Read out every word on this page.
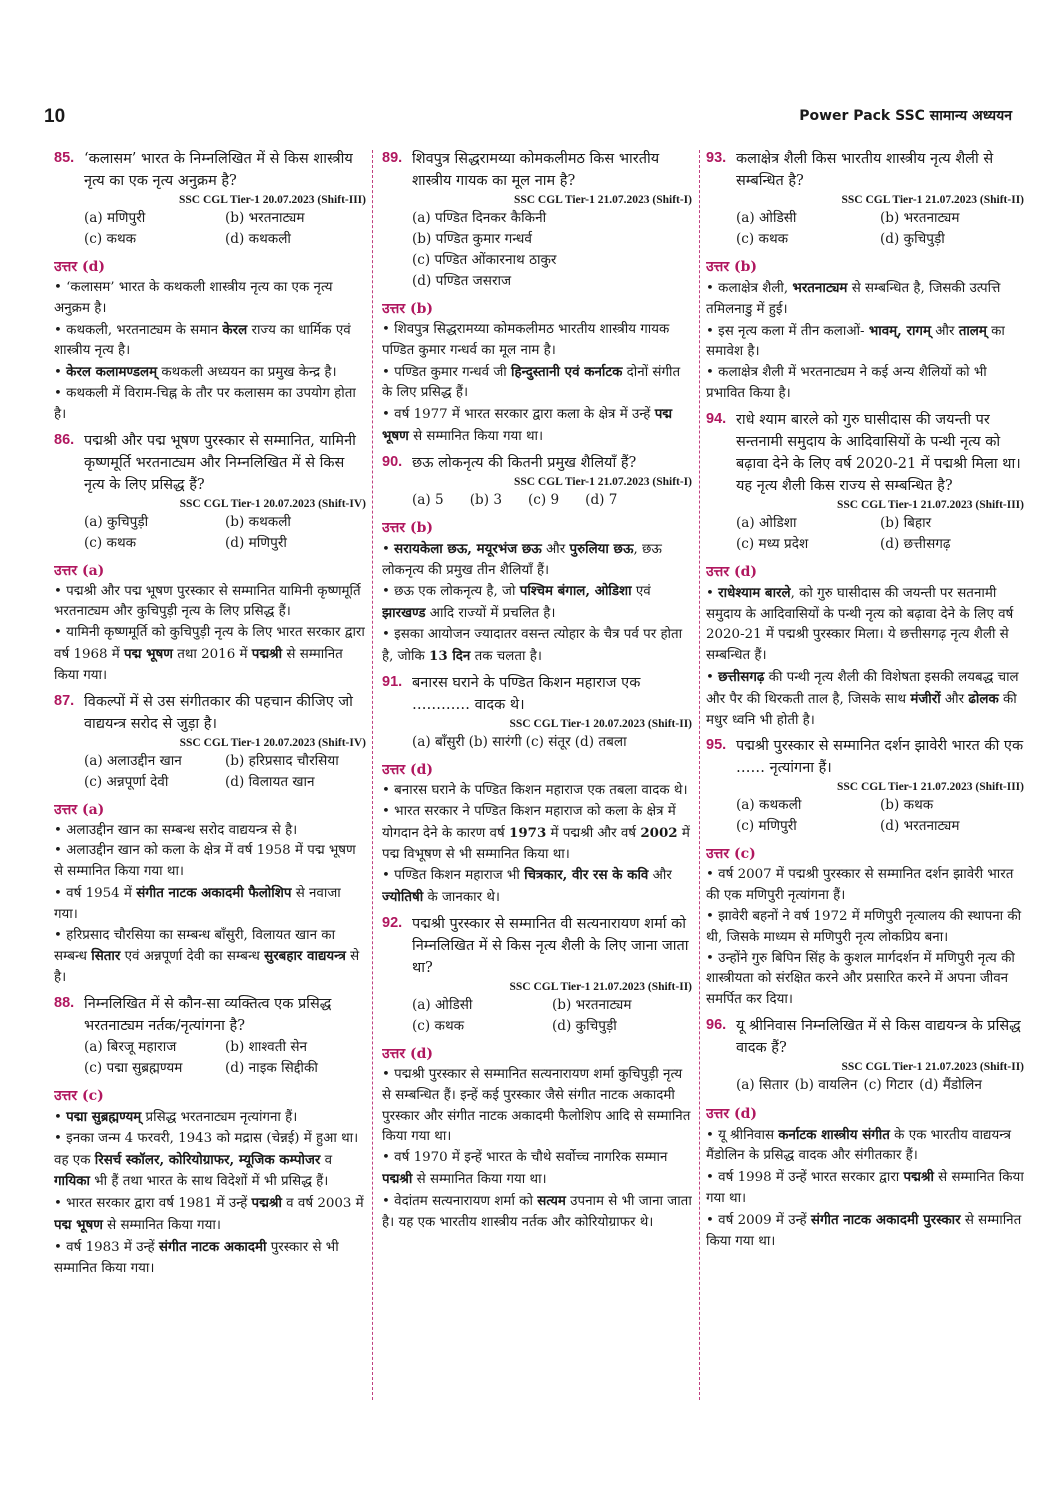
10	Power Pack SSC सामान्य अध्ययन
85. ‘कलासम’ भारत के निम्नलिखित में से किस शास्त्रीय नृत्य का एक नृत्य अनुक्रम है?
SSC CGL Tier-1 20.07.2023 (Shift-III)
(a) मणिपुरी	(b) भरतनाट्यम
(c) कथक	(d) कथकली
उत्तर (d)
• ‘कलासम’ भारत के कथकली शास्त्रीय नृत्य का एक नृत्य अनुक्रम है।
• कथकली, भरतनाट्यम के समान केरल राज्य का धार्मिक एवं शास्त्रीय नृत्य है।
• केरल कलामण्डलम् कथकली अध्ययन का प्रमुख केन्द्र है।
• कथकली में विराम-चिह्न के तौर पर कलासम का उपयोग होता है।
86. पद्मश्री और पद्म भूषण पुरस्कार से सम्मानित, यामिनी कृष्णमूर्ति भरतनाट्यम और निम्नलिखित में से किस नृत्य के लिए प्रसिद्ध हैं?
SSC CGL Tier-1 20.07.2023 (Shift-IV)
(a) कुचिपुड़ी	(b) कथकली
(c) कथक	(d) मणिपुरी
उत्तर (a)
• पद्मश्री और पद्म भूषण पुरस्कार से सम्मानित यामिनी कृष्णमूर्ति भरतनाट्यम और कुचिपुड़ी नृत्य के लिए प्रसिद्ध हैं।
• यामिनी कृष्णमूर्ति को कुचिपुड़ी नृत्य के लिए भारत सरकार द्वारा वर्ष 1968 में पद्म भूषण तथा 2016 में पद्मश्री से सम्मानित किया गया।
87. विकल्पों में से उस संगीतकार की पहचान कीजिए जो वाद्ययन्त्र सरोद से जुड़ा है।
SSC CGL Tier-1 20.07.2023 (Shift-IV)
(a) अलाउद्दीन खान	(b) हरिप्रसाद चौरसिया
(c) अन्नपूर्णा देवी	(d) विलायत खान
उत्तर (a)
• अलाउद्दीन खान का सम्बन्ध सरोद वाद्ययन्त्र से है।
• अलाउद्दीन खान को कला के क्षेत्र में वर्ष 1958 में पद्म भूषण से सम्मानित किया गया था।
• वर्ष 1954 में संगीत नाटक अकादमी फैलोशिप से नवाजा गया।
• हरिप्रसाद चौरसिया का सम्बन्ध बाँसुरी, विलायत खान का सम्बन्ध सितार एवं अन्नपूर्णा देवी का सम्बन्ध सुरबहार वाद्ययन्त्र से है।
88. निम्नलिखित में से कौन-सा व्यक्तित्व एक प्रसिद्ध भरतनाट्यम नर्तक/नृत्यांगना है?
(a) बिरजू महाराज	(b) शाश्वती सेन
(c) पद्मा सुब्रह्मण्यम	(d) नाइक सिद्दीकी
उत्तर (c)
• पद्मा सुब्रह्मण्यम् प्रसिद्ध भरतनाट्यम नृत्यांगना हैं।
• इनका जन्म 4 फरवरी, 1943 को मद्रास (चेन्नई) में हुआ था। वह एक रिसर्च स्कॉलर, कोरियोग्राफर, म्यूजिक कम्पोजर व गायिका भी हैं तथा भारत के साथ विदेशों में भी प्रसिद्ध हैं।
• भारत सरकार द्वारा वर्ष 1981 में उन्हें पद्मश्री व वर्ष 2003 में पद्म भूषण से सम्मानित किया गया।
• वर्ष 1983 में उन्हें संगीत नाटक अकादमी पुरस्कार से भी सम्मानित किया गया।
89. शिवपुत्र सिद्धरामय्या कोमकलीमठ किस भारतीय शास्त्रीय गायक का मूल नाम है?
SSC CGL Tier-1 21.07.2023 (Shift-I)
(a) पण्डित दिनकर कैकिनी
(b) पण्डित कुमार गन्धर्व
(c) पण्डित ओंकारनाथ ठाकुर
(d) पण्डित जसराज
उत्तर (b)
• शिवपुत्र सिद्धरामय्या कोमकलीमठ भारतीय शास्त्रीय गायक पण्डित कुमार गन्धर्व का मूल नाम है।
• पण्डित कुमार गन्धर्व जी हिन्दुस्तानी एवं कर्नाटक दोनों संगीत के लिए प्रसिद्ध हैं।
• वर्ष 1977 में भारत सरकार द्वारा कला के क्षेत्र में उन्हें पद्म भूषण से सम्मानित किया गया था।
90. छऊ लोकनृत्य की कितनी प्रमुख शैलियाँ हैं?
SSC CGL Tier-1 21.07.2023 (Shift-I)
(a) 5 (b) 3 (c) 9 (d) 7
उत्तर (b)
• सरायकेला छऊ, मयूरभंज छऊ और पुरुलिया छऊ, छऊ लोकनृत्य की प्रमुख तीन शैलियाँ हैं।
• छऊ एक लोकनृत्य है, जो पश्चिम बंगाल, ओडिशा एवं झारखण्ड आदि राज्यों में प्रचलित है।
• इसका आयोजन ज्यादातर वसन्त त्योहार के चैत्र पर्व पर होता है, जोकि 13 दिन तक चलता है।
91. बनारस घराने के पण्डित किशन महाराज एक ………… वादक थे।
SSC CGL Tier-1 20.07.2023 (Shift-II)
(a) बाँसुरी (b) सारंगी (c) संतूर (d) तबला
उत्तर (d)
• बनारस घराने के पण्डित किशन महाराज एक तबला वादक थे।
• भारत सरकार ने पण्डित किशन महाराज को कला के क्षेत्र में योगदान देने के कारण वर्ष 1973 में पद्मश्री और वर्ष 2002 में पद्म विभूषण से भी सम्मानित किया था।
• पण्डित किशन महाराज भी चित्रकार, वीर रस के कवि और ज्योतिषी के जानकार थे।
92. पद्मश्री पुरस्कार से सम्मानित वी सत्यनारायण शर्मा को निम्नलिखित में से किस नृत्य शैली के लिए जाना जाता था?
SSC CGL Tier-1 21.07.2023 (Shift-II)
(a) ओडिसी	(b) भरतनाट्यम
(c) कथक	(d) कुचिपुड़ी
उत्तर (d)
• पद्मश्री पुरस्कार से सम्मानित सत्यनारायण शर्मा कुचिपुड़ी नृत्य से सम्बन्धित हैं। इन्हें कई पुरस्कार जैसे संगीत नाटक अकादमी पुरस्कार और संगीत नाटक अकादमी फैलोशिप आदि से सम्मानित किया गया था।
• वर्ष 1970 में इन्हें भारत के चौथे सर्वोच्च नागरिक सम्मान पद्मश्री से सम्मानित किया गया था।
• वेदांतम सत्यनारायण शर्मा को सत्यम उपनाम से भी जाना जाता है। यह एक भारतीय शास्त्रीय नर्तक और कोरियोग्राफर थे।
93. कलाक्षेत्र शैली किस भारतीय शास्त्रीय नृत्य शैली से सम्बन्धित है?
SSC CGL Tier-1 21.07.2023 (Shift-II)
(a) ओडिसी	(b) भरतनाट्यम
(c) कथक	(d) कुचिपुड़ी
उत्तर (b)
• कलाक्षेत्र शैली, भरतनाट्यम से सम्बन्धित है, जिसकी उत्पत्ति तमिलनाडु में हुई।
• इस नृत्य कला में तीन कलाओं- भावम्, रागम् और तालम् का समावेश है।
• कलाक्षेत्र शैली में भरतनाट्यम ने कई अन्य शैलियों को भी प्रभावित किया है।
94. राधे श्याम बारले को गुरु घासीदास की जयन्ती पर सन्तनामी समुदाय के आदिवासियों के पन्थी नृत्य को बढ़ावा देने के लिए वर्ष 2020-21 में पद्मश्री मिला था। यह नृत्य शैली किस राज्य से सम्बन्धित है?
SSC CGL Tier-1 21.07.2023 (Shift-III)
(a) ओडिशा	(b) बिहार
(c) मध्य प्रदेश	(d) छत्तीसगढ़
उत्तर (d)
• राधेश्याम बारले, को गुरु घासीदास की जयन्ती पर सतनामी समुदाय के आदिवासियों के पन्थी नृत्य को बढ़ावा देने के लिए वर्ष 2020-21 में पद्मश्री पुरस्कार मिला। ये छत्तीसगढ़ नृत्य शैली से सम्बन्धित हैं।
• छत्तीसगढ़ की पन्थी नृत्य शैली की विशेषता इसकी लयबद्ध चाल और पैर की थिरकती ताल है, जिसके साथ मंजीरों और ढोलक की मधुर ध्वनि भी होती है।
95. पद्मश्री पुरस्कार से सम्मानित दर्शन झावेरी भारत की एक …… नृत्यांगना हैं।
SSC CGL Tier-1 21.07.2023 (Shift-III)
(a) कथकली	(b) कथक
(c) मणिपुरी	(d) भरतनाट्यम
उत्तर (c)
• वर्ष 2007 में पद्मश्री पुरस्कार से सम्मानित दर्शन झावेरी भारत की एक मणिपुरी नृत्यांगना हैं।
• झावेरी बहनों ने वर्ष 1972 में मणिपुरी नृत्यालय की स्थापना की थी, जिसके माध्यम से मणिपुरी नृत्य लोकप्रिय बना।
• उन्होंने गुरु बिपिन सिंह के कुशल मार्गदर्शन में मणिपुरी नृत्य की शास्त्रीयता को संरक्षित करने और प्रसारित करने में अपना जीवन समर्पित कर दिया।
96. यू श्रीनिवास निम्नलिखित में से किस वाद्ययन्त्र के प्रसिद्ध वादक हैं?
SSC CGL Tier-1 21.07.2023 (Shift-II)
(a) सितार (b) वायलिन (c) गिटार (d) मैंडोलिन
उत्तर (d)
• यू श्रीनिवास कर्नाटक शास्त्रीय संगीत के एक भारतीय वाद्ययन्त्र मैंडोलिन के प्रसिद्ध वादक और संगीतकार हैं।
• वर्ष 1998 में उन्हें भारत सरकार द्वारा पद्मश्री से सम्मानित किया गया था।
• वर्ष 2009 में उन्हें संगीत नाटक अकादमी पुरस्कार से सम्मानित किया गया था।
